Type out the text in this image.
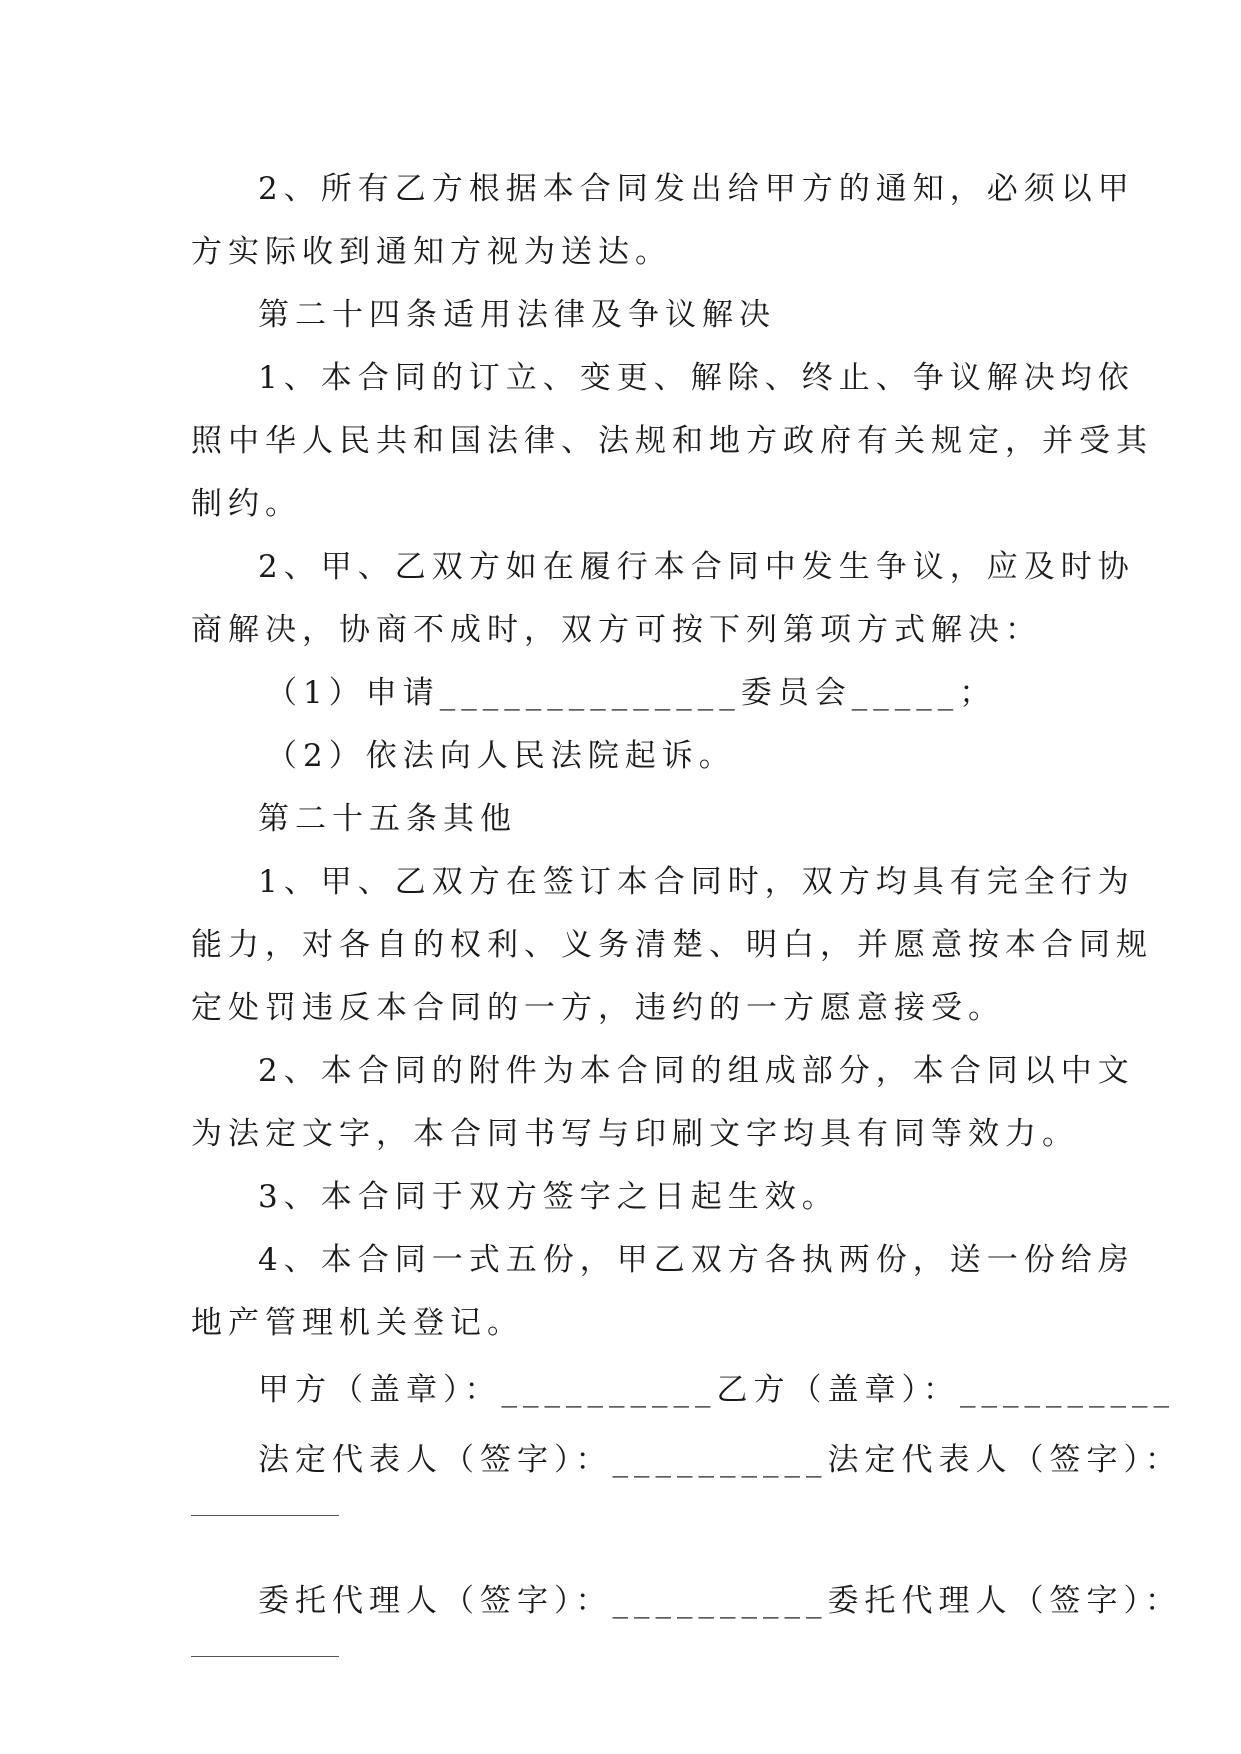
2、所有乙方根据本合同发出给甲方的通知，必须以甲
方实际收到通知方视为送达。
第二十四条适用法律及争议解决
1、本合同的订立、变更、解除、终止、争议解决均依
照中华人民共和国法律、法规和地方政府有关规定，并受其
制约。
2、甲、乙双方如在履行本合同中发生争议，应及时协
商解决，协商不成时，双方可按下列第项方式解决：
（1）申请______________委员会_____；
（2）依法向人民法院起诉。
第二十五条其他
1、甲、乙双方在签订本合同时，双方均具有完全行为
能力，对各自的权利、义务清楚、明白，并愿意按本合同规
定处罚违反本合同的一方，违约的一方愿意接受。
2、本合同的附件为本合同的组成部分，本合同以中文
为法定文字，本合同书写与印刷文字均具有同等效力。
3、本合同于双方签字之日起生效。
4、本合同一式五份，甲乙双方各执两份，送一份给房
地产管理机关登记。
甲方（盖章）：__________乙方（盖章）：__________
法定代表人（签字）：__________法定代表人（签字）：
委托代理人（签字）：__________委托代理人（签字）：
